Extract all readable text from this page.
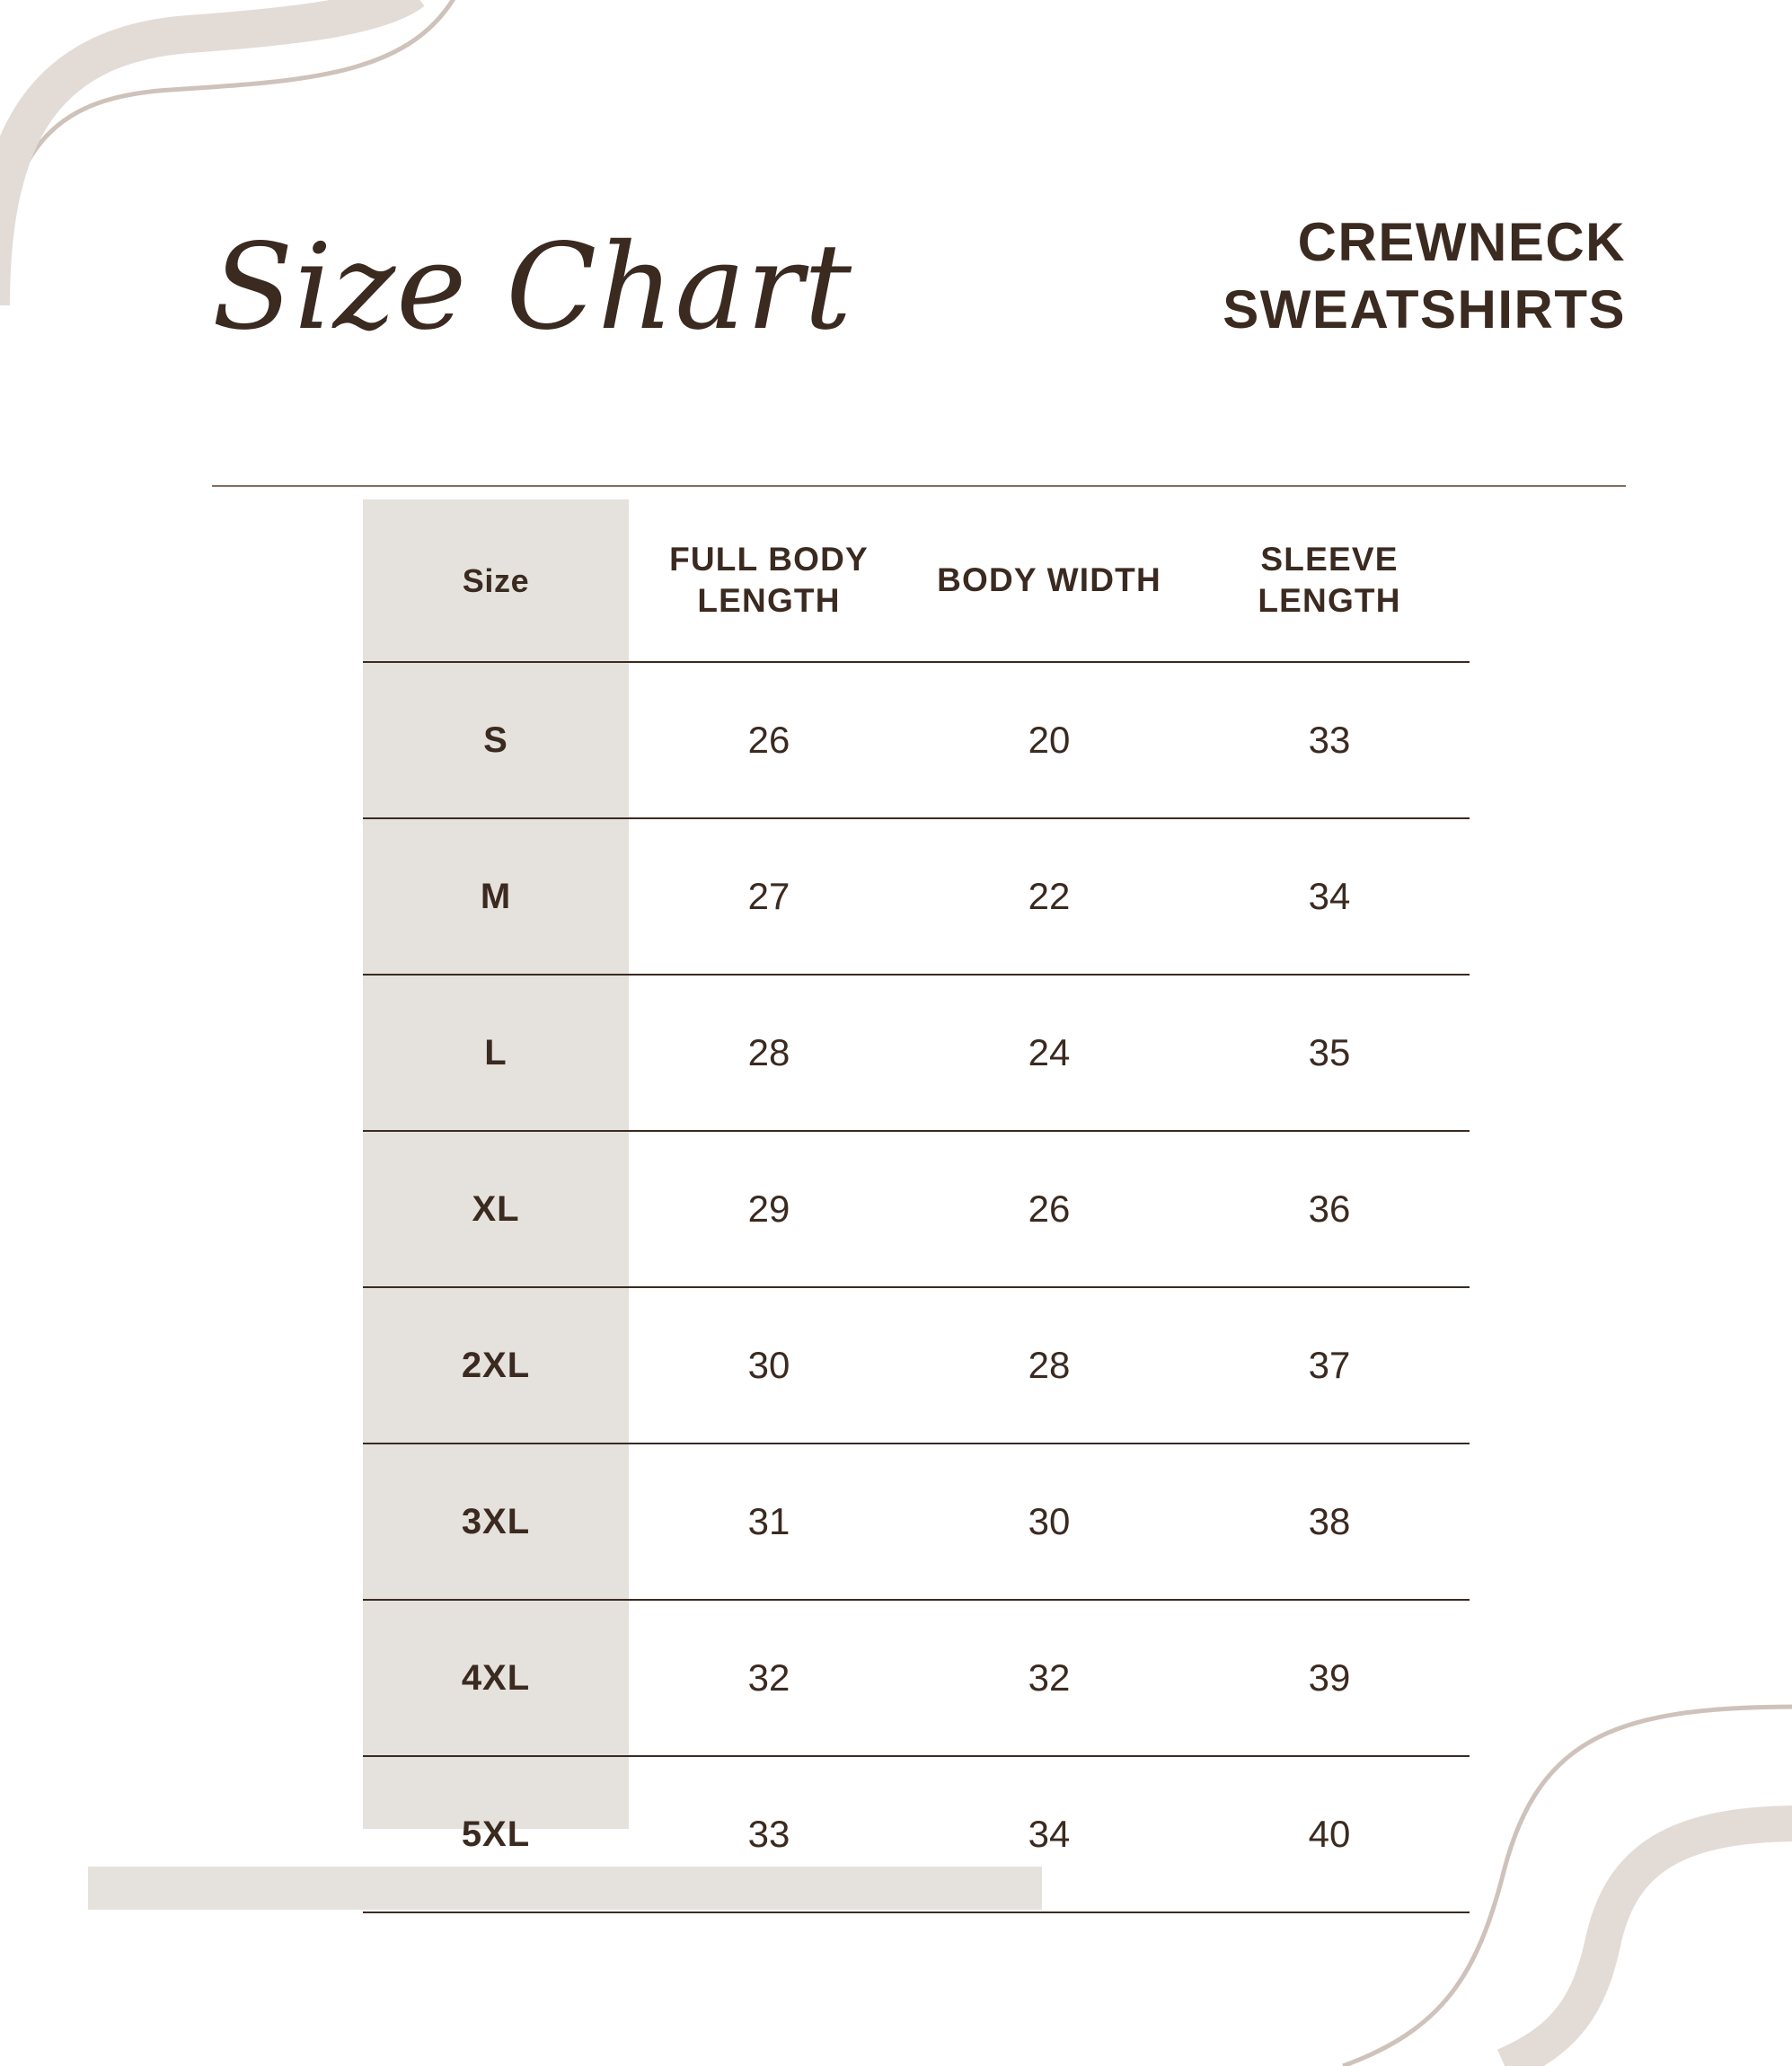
Size Chart	CREWNECK SWEATSHIRTS
Size	FULL BODY LENGTH	BODY WIDTH	SLEEVE LENGTH
S	26	20	33
M	27	22	34
L	28	24	35
XL	29	26	36
2XL	30	28	37
3XL	31	30	38
4XL	32	32	39
5XL	33	34	40
